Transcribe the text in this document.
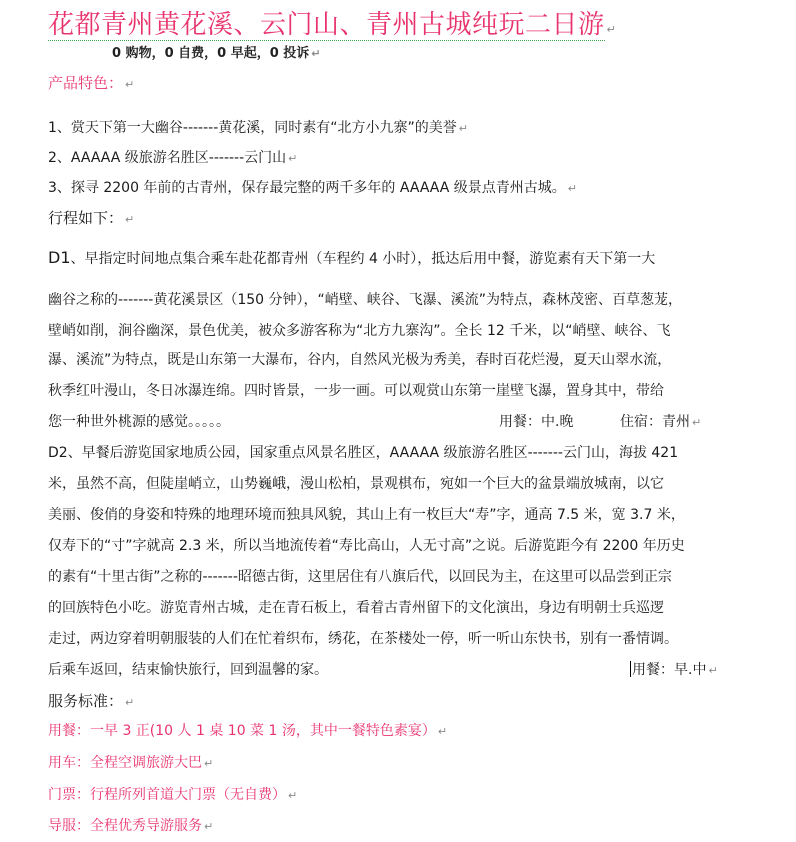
花都青州黄花溪、云门山、青州古城纯玩二日游 ↵
0 购物，0 自费，0 早起，0 投诉 ↵
产品特色： ↵
1、赏天下第一大幽谷-------黄花溪，同时素有“北方小九寨”的美誉 ↵
2、AAAAA 级旅游名胜区-------云门山 ↵
3、探寻 2200 年前的古青州，保存最完整的两千多年的 AAAAA 级景点青州古城。 ↵
行程如下： ↵
D1、早指定时间地点集合乘车赴花都青州（车程约 4 小时），抵达后用中餐，游览素有天下第一大
幽谷之称的-------黄花溪景区（150 分钟），“峭壁、峡谷、飞瀑、溪流”为特点，森林茂密、百草葱茏，
壁峭如削，涧谷幽深，景色优美，被众多游客称为“北方九寨沟”。全长 12 千米，以“峭壁、峡谷、飞
瀑、溪流”为特点，既是山东第一大瀑布，谷内，自然风光极为秀美，春时百花烂漫，夏天山翠水流，
秋季红叶漫山，冬日冰瀑连绵。四时皆景，一步一画。可以观赏山东第一崖壁飞瀑，置身其中，带给
您一种世外桃源的感觉。。。。。	用餐：中.晚	住宿：青州 ↵
D2、早餐后游览国家地质公园，国家重点风景名胜区，AAAAA 级旅游名胜区-------云门山，海拔 421
米，虽然不高，但陡崖峭立，山势巍峨，漫山松柏，景观棋布，宛如一个巨大的盆景端放城南，以它
美丽、俊俏的身姿和特殊的地理环境而独具风貌，其山上有一枚巨大“寿”字，通高 7.5 米，宽 3.7 米，
仅寿下的“寸”字就高 2.3 米，所以当地流传着“寿比高山，人无寸高”之说。后游览距今有 2200 年历史
的素有“十里古街”之称的-------昭德古街，这里居住有八旗后代，以回民为主，在这里可以品尝到正宗
的回族特色小吃。游览青州古城，走在青石板上，看着古青州留下的文化演出，身边有明朝士兵巡逻
走过，两边穿着明朝服装的人们在忙着织布，绣花，在茶楼处一停，听一听山东快书，别有一番情调。
后乘车返回，结束愉快旅行，回到温馨的家。	用餐：早.中 ↵
服务标准： ↵
用餐：一早 3 正(10 人 1 桌 10 菜 1 汤，其中一餐特色素宴） ↵
用车：全程空调旅游大巴 ↵
门票：行程所列首道大门票（无自费） ↵
导服：全程优秀导游服务 ↵
